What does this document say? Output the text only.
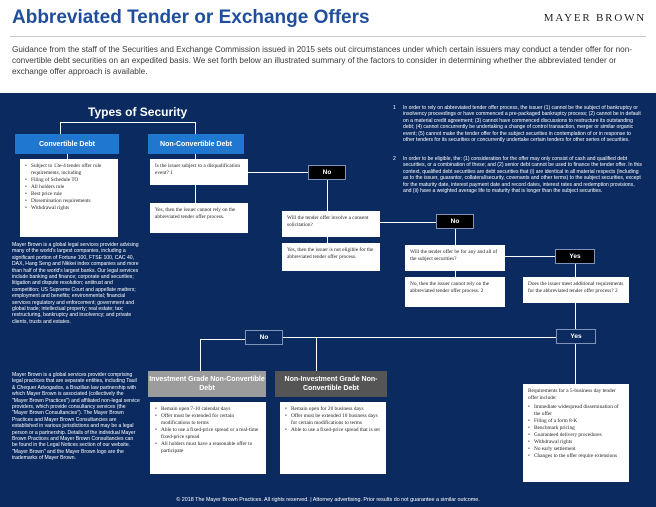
Abbreviated Tender or Exchange Offers	MAYER BROWN
Guidance from the staff of the Securities and Exchange Commission issued in 2015 sets out circumstances under which certain issuers may conduct a tender offer for non-convertible debt securities on an expedited basis. We set forth below an illustrated summary of the factors to consider in determining whether the abbreviated tender or exchange offer approach is available.
Types of Security
Convertible Debt
• Subject to 13e-4 tender offer rule requirements, including
• Filing of Schedule TO
• All holders rule
• Best price rule
• Dissemination requirements
• Withdrawal rights
Non-Convertible Debt
Is the issuer subject to a disqualification event? 1
Yes, then the issuer cannot rely on the abbreviated tender offer process.
No
Will the tender offer involve a consent solicitation?
Yes, then the issuer is not eligible for the abbreviated tender offer process.
No
Will the tender offer be for any and all of the subject securities?
No, then the issuer cannot rely on the abbreviated tender offer process. 2
Yes
Does the issuer meet additional requirements for the abbreviated tender offer process? 2
No	Yes
Investment Grade Non-Convertible Debt
• Remain open 7-10 calendar days
• Offer must be extended for certain modifications to terms
• Able to use a fixed-price spread or a real-time fixed-price spread
• All holders must have a reasonable offer to participate
Non-Investment Grade Non-Convertible Debt
• Remain open for 20 business days
• Offer must be extended 10 business days for certain modifications to terms
• Able to use a fixed-price spread that is set
Requirements for a 5-business day tender offer include:
• Immediate widespread dissemination of the offer
• Filing of a form 8-K
• Benchmark pricing
• Guaranteed delivery procedures
• Withdrawal rights
• No early settlement
• Changes to the offer require extensions
1 In order to rely on abbreviated tender offer process, the issuer (1) cannot be the subject of bankruptcy or insolvency proceedings or have commenced a pre-packaged bankruptcy process; (2) cannot be in default on a material credit agreement; (3) cannot have commenced discussions to restructure its outstanding debt; (4) cannot concurrently be undertaking a change of control transaction, merger or similar organic event; (5) cannot make the tender offer for the subject securities in contemplation of or in response to other tenders for its securities or concurrently undertake certain tenders for other series of securities.
2 In order to be eligible, the: (1) consideration for the offer may only consist of cash and qualified debt securities, or a combination of these; and (2) senior debt cannot be used to finance the tender offer. In this context, qualified debt securities are debt securities that (i) are identical in all material respects (including as to the issuer, guarantor, collateral/security, covenants and other terms) to the subject securities, except for the maturity date, interest payment date and record dates, interest rates and redemption provisions, and (ii) have a weighted average life to maturity that is longer than the subject securities.
Mayer Brown is a global legal services provider advising many of the world's largest companies, including a significant portion of Fortune 100, FTSE 100, CAC 40, DAX, Hang Seng and Nikkei index companies and more than half of the world's largest banks. Our legal services include banking and finance; corporate and securities; litigation and dispute resolution; antitrust and competition; US Supreme Court and appellate matters; employment and benefits; environmental; financial services regulatory and enforcement; government and global trade; intellectual property; real estate; tax; restructuring, bankruptcy and insolvency; and private clients, trusts and estates.
Mayer Brown is a global services provider comprising legal practices that are separate entities, including Tauil & Chequer Advogados, a Brazilian law partnership with which Mayer Brown is associated (collectively the "Mayer Brown Practices") and affiliated non-legal service providers, which provide consultancy services (the "Mayer Brown Consultancies"). The Mayer Brown Practices and Mayer Brown Consultancies are established in various jurisdictions and may be a legal person or a partnership. Details of the individual Mayer Brown Practices and Mayer Brown Consultancies can be found in the Legal Notices section of our website. "Mayer Brown" and the Mayer Brown logo are the trademarks of Mayer Brown.
© 2018 The Mayer Brown Practices. All rights reserved. | Attorney advertising. Prior results do not guarantee a similar outcome.
